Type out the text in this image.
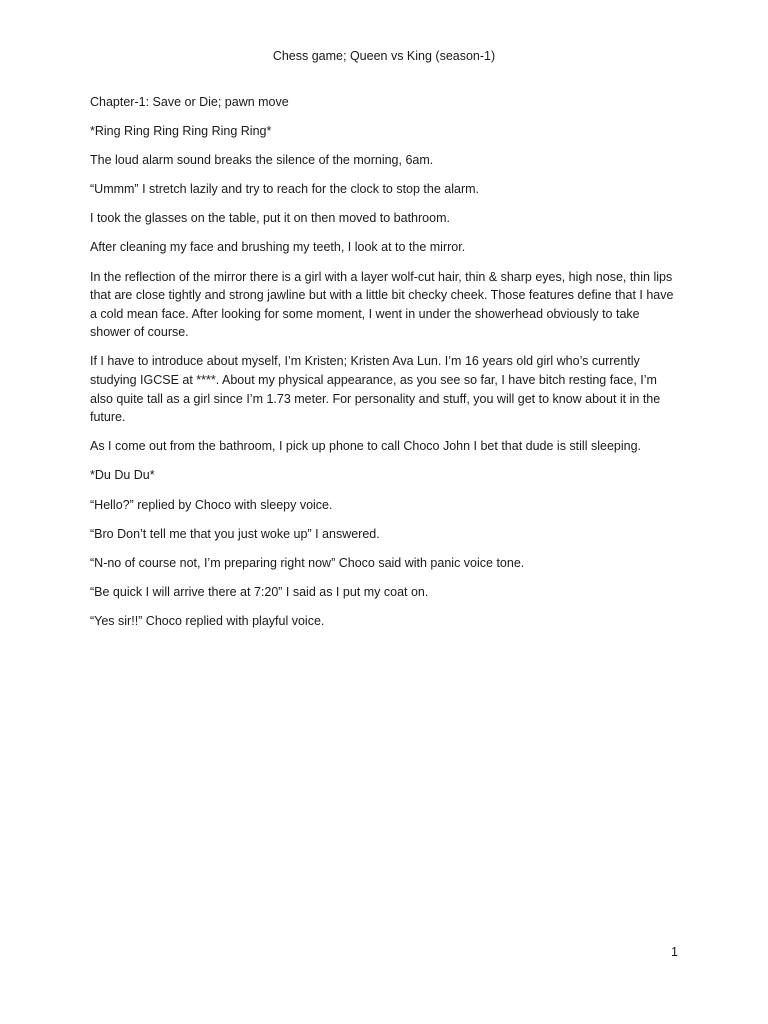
Chess game; Queen vs King (season-1)

Chapter-1: Save or Die; pawn move

*Ring Ring Ring Ring Ring Ring*

The loud alarm sound breaks the silence of the morning, 6am.

“Ummm” I stretch lazily and try to reach for the clock to stop the alarm.

I took the glasses on the table, put it on then moved to bathroom.

After cleaning my face and brushing my teeth, I look at to the mirror.

In the reflection of the mirror there is a girl with a layer wolf-cut hair, thin & sharp eyes, high nose, thin lips that are close tightly and strong jawline but with a little bit checky cheek. Those features define that I have a cold mean face. After looking for some moment, I went in under the showerhead obviously to take shower of course.

If I have to introduce about myself, I’m Kristen; Kristen Ava Lun. I’m 16 years old girl who’s currently studying IGCSE at ****. About my physical appearance, as you see so far, I have bitch resting face, I’m also quite tall as a girl since I’m 1.73 meter. For personality and stuff, you will get to know about it in the future.

As I come out from the bathroom, I pick up phone to call Choco John I bet that dude is still sleeping.

*Du Du Du*

“Hello?” replied by Choco with sleepy voice.

“Bro Don’t tell me that you just woke up” I answered.

“N-no of course not, I’m preparing right now” Choco said with panic voice tone.

“Be quick I will arrive there at 7:20” I said as I put my coat on.

“Yes sir!!” Choco replied with playful voice.

1
